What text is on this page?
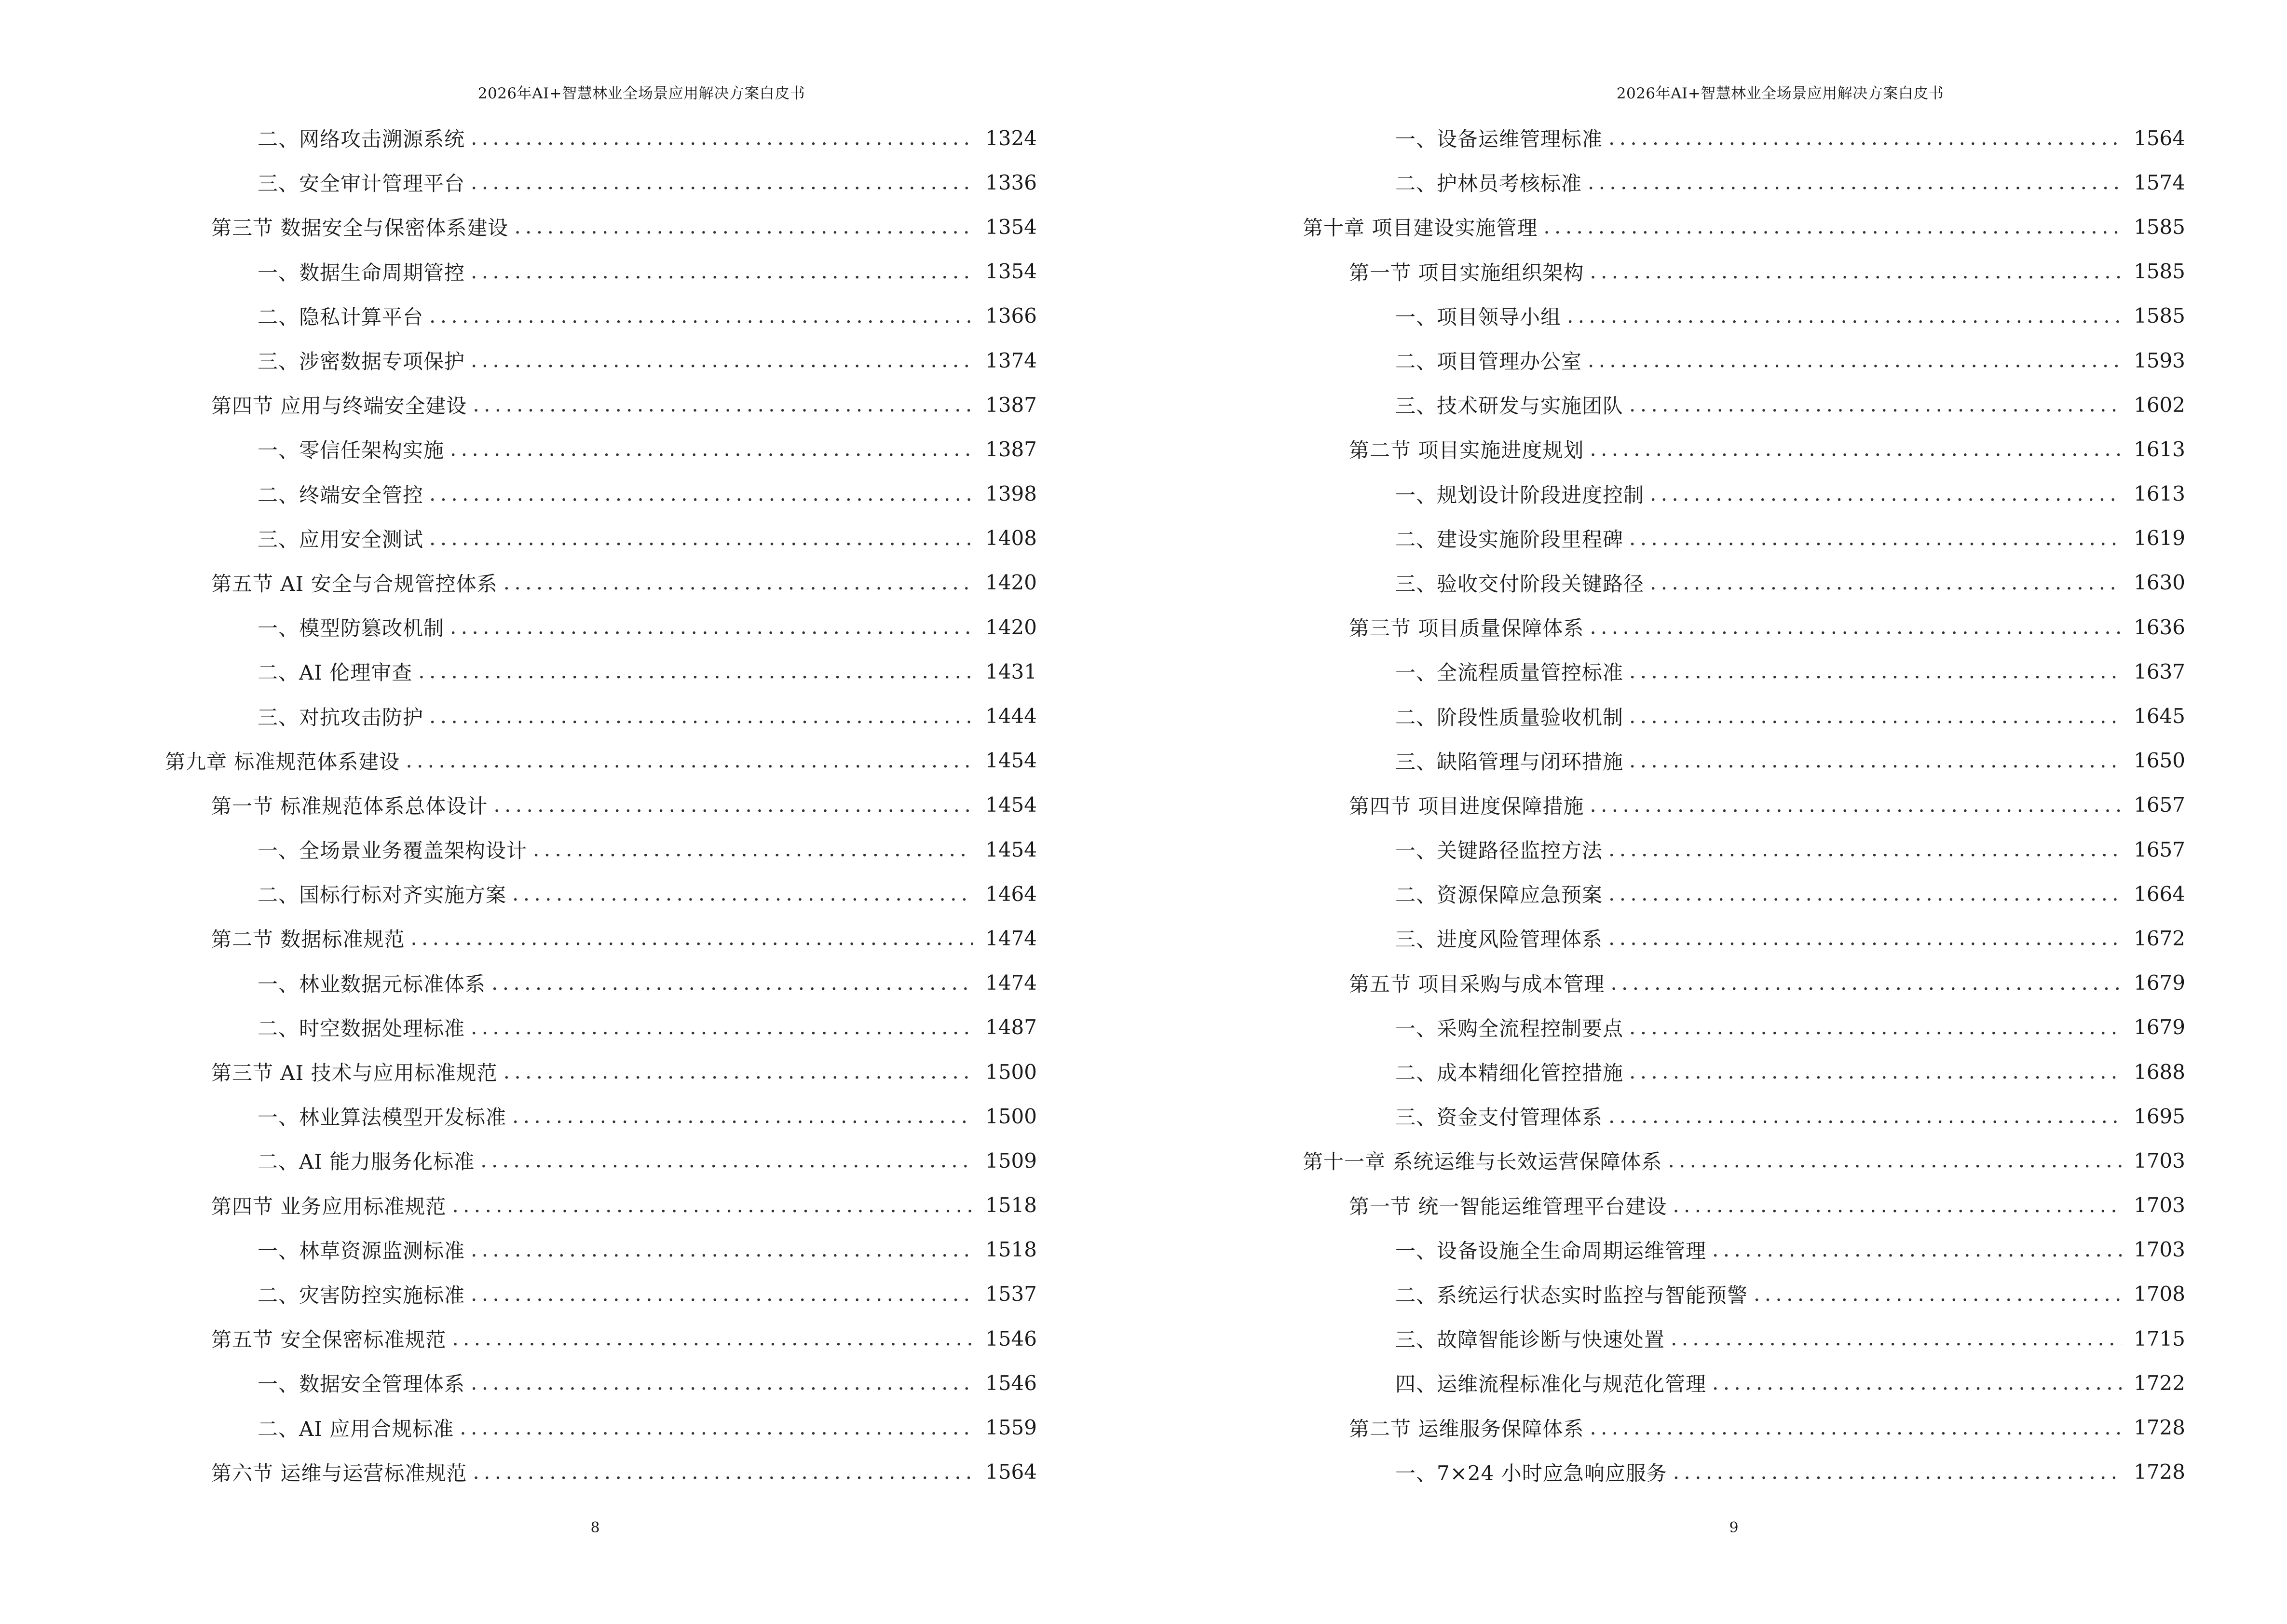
2026年AI+智慧林业全场景应用解决方案白皮书
二、网络攻击溯源系统 . . .	1324
三、安全审计管理平台 . . .	1336
第三节 数据安全与保密体系建设 . . .	1354
一、数据生命周期管控 . . .	1354
二、隐私计算平台 . . .	1366
三、涉密数据专项保护 . . .	1374
第四节 应用与终端安全建设 . . .	1387
一、零信任架构实施 . . .	1387
二、终端安全管控 . . .	1398
三、应用安全测试 . . .	1408
第五节 AI 安全与合规管控体系 . . .	1420
一、模型防篡改机制 . . .	1420
二、AI 伦理审查 . . .	1431
三、对抗攻击防护 . . .	1444
第九章 标准规范体系建设 . . .	1454
第一节 标准规范体系总体设计 . . .	1454
一、全场景业务覆盖架构设计 . . .	1454
二、国标行标对齐实施方案 . . .	1464
第二节 数据标准规范 . . .	1474
一、林业数据元标准体系 . . .	1474
二、时空数据处理标准 . . .	1487
第三节 AI 技术与应用标准规范 . . .	1500
一、林业算法模型开发标准 . . .	1500
二、AI 能力服务化标准 . . .	1509
第四节 业务应用标准规范 . . .	1518
一、林草资源监测标准 . . .	1518
二、灾害防控实施标准 . . .	1537
第五节 安全保密标准规范 . . .	1546
一、数据安全管理体系 . . .	1546
二、AI 应用合规标准 . . .	1559
第六节 运维与运营标准规范 . . .	1564
8
2026年AI+智慧林业全场景应用解决方案白皮书
一、设备运维管理标准 . . .	1564
二、护林员考核标准 . . .	1574
第十章 项目建设实施管理 . . .	1585
第一节 项目实施组织架构 . . .	1585
一、项目领导小组 . . .	1585
二、项目管理办公室 . . .	1593
三、技术研发与实施团队 . . .	1602
第二节 项目实施进度规划 . . .	1613
一、规划设计阶段进度控制 . . .	1613
二、建设实施阶段里程碑 . . .	1619
三、验收交付阶段关键路径 . . .	1630
第三节 项目质量保障体系 . . .	1636
一、全流程质量管控标准 . . .	1637
二、阶段性质量验收机制 . . .	1645
三、缺陷管理与闭环措施 . . .	1650
第四节 项目进度保障措施 . . .	1657
一、关键路径监控方法 . . .	1657
二、资源保障应急预案 . . .	1664
三、进度风险管理体系 . . .	1672
第五节 项目采购与成本管理 . . .	1679
一、采购全流程控制要点 . . .	1679
二、成本精细化管控措施 . . .	1688
三、资金支付管理体系 . . .	1695
第十一章 系统运维与长效运营保障体系 . . .	1703
第一节 统一智能运维管理平台建设 . . .	1703
一、设备设施全生命周期运维管理 . . .	1703
二、系统运行状态实时监控与智能预警 . . .	1708
三、故障智能诊断与快速处置 . . .	1715
四、运维流程标准化与规范化管理 . . .	1722
第二节 运维服务保障体系 . . .	1728
一、7×24 小时应急响应服务 . . .	1728
9
